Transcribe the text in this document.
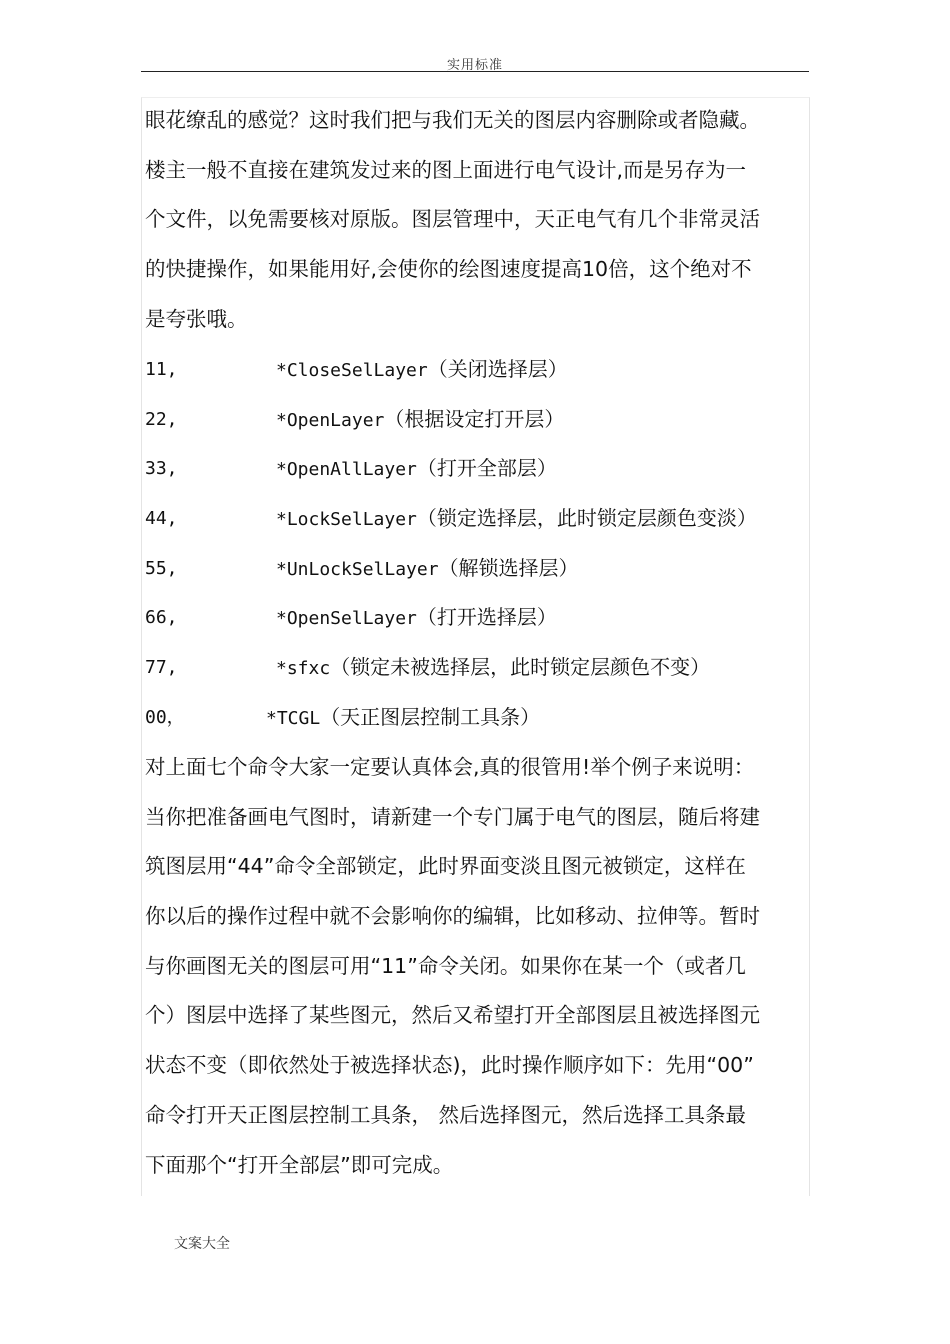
实用标准
眼花缭乱的感觉？这时我们把与我们无关的图层内容删除或者隐藏。
楼主一般不直接在建筑发过来的图上面进行电气设计,而是另存为一
个文件，以免需要核对原版。图层管理中，天正电气有几个非常灵活
的快捷操作，如果能用好,会使你的绘图速度提高10倍，这个绝对不
是夸张哦。
11,	*CloseSelLayer（关闭选择层）
22,	*OpenLayer（根据设定打开层）
33,	*OpenAllLayer（打开全部层）
44,	*LockSelLayer（锁定选择层，此时锁定层颜色变淡）
55,	*UnLockSelLayer（解锁选择层）
66,	*OpenSelLayer（打开选择层）
77,	*sfxc（锁定未被选择层，此时锁定层颜色不变）
00，	*TCGL（天正图层控制工具条）
对上面七个命令大家一定要认真体会,真的很管用!举个例子来说明：
当你把准备画电气图时，请新建一个专门属于电气的图层，随后将建
筑图层用“44”命令全部锁定，此时界面变淡且图元被锁定，这样在
你以后的操作过程中就不会影响你的编辑，比如移动、拉伸等。暂时
与你画图无关的图层可用“11”命令关闭。如果你在某一个（或者几
个）图层中选择了某些图元，然后又希望打开全部图层且被选择图元
状态不变（即依然处于被选择状态)，此时操作顺序如下：先用“00”
命令打开天正图层控制工具条， 然后选择图元，然后选择工具条最
下面那个“打开全部层”即可完成。
文案大全
